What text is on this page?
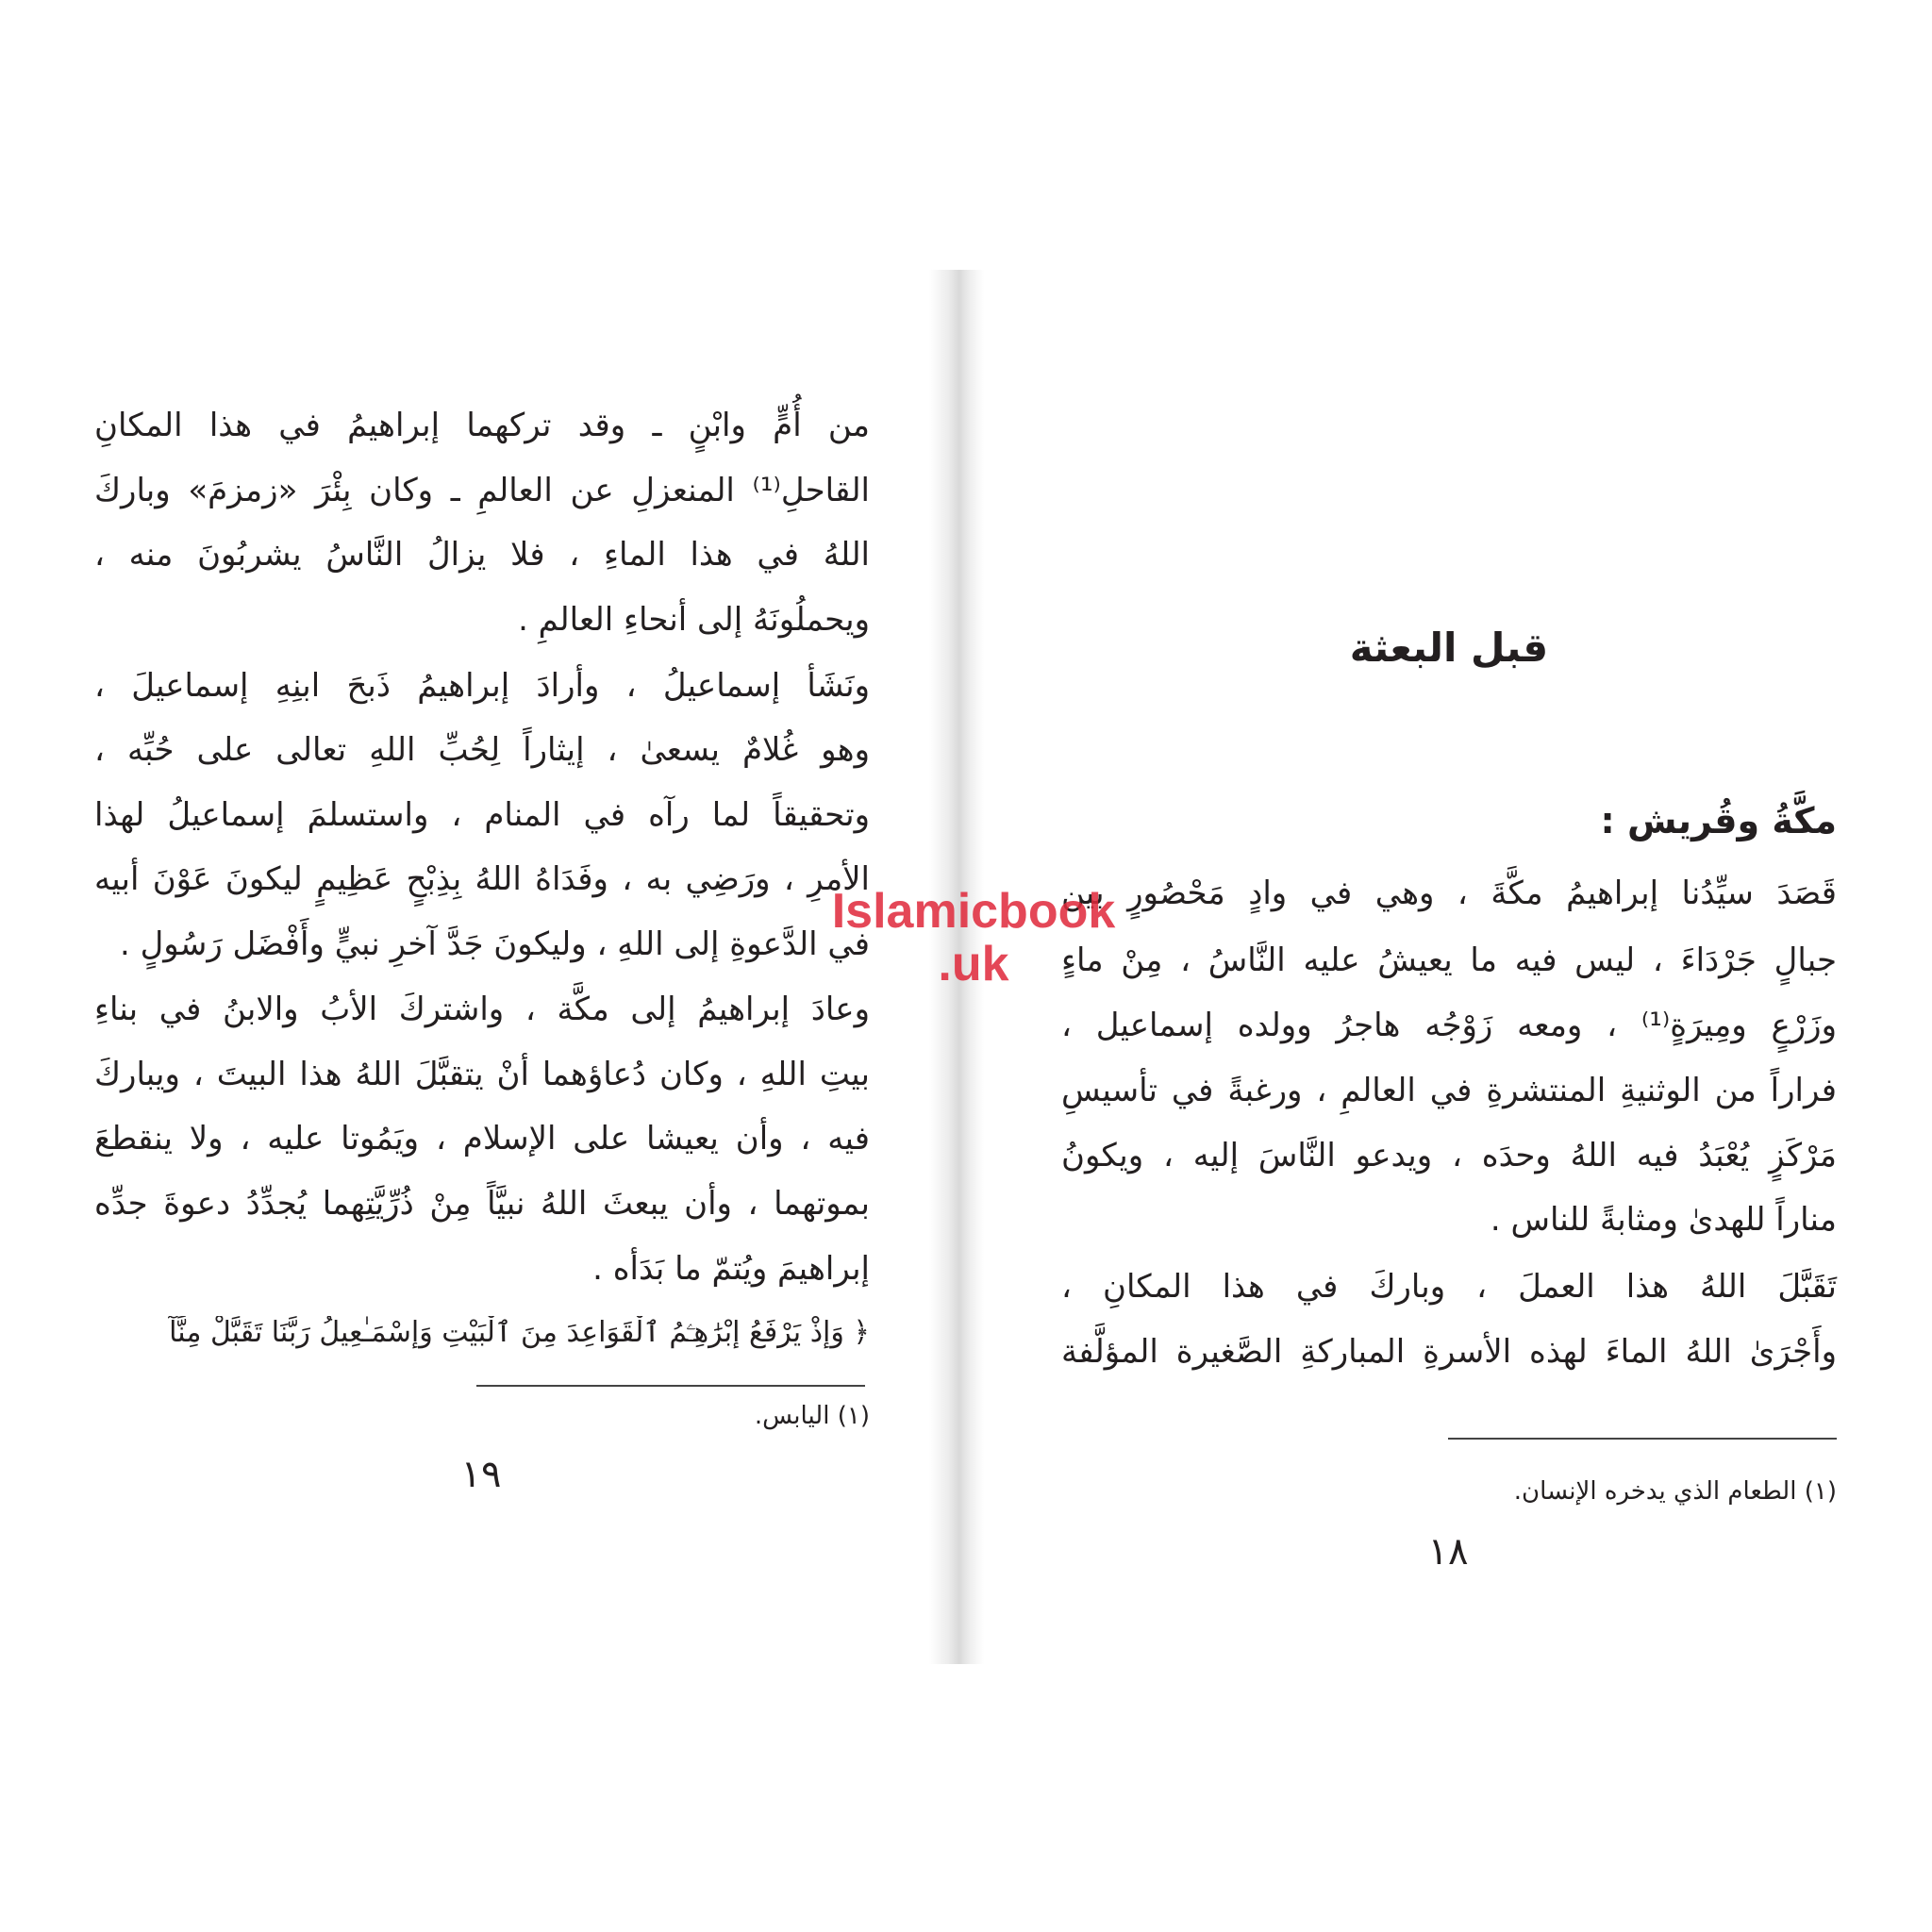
من أُمٍّ وابْنٍ ـ وقد تركهما إبراهيمُ في هذا المكانِ
القاحلِ⁽¹⁾ المنعزلِ عن العالمِ ـ وكان بِئْرَ «زمزمَ» وباركَ
اللهُ في هذا الماءِ ، فلا يزالُ النَّاسُ يشربُونَ منه ،
ويحملُونَهُ إلى أنحاءِ العالمِ .
ونَشَأ إسماعيلُ ، وأرادَ إبراهيمُ ذَبحَ ابنِهِ إسماعيلَ ،
وهو غُلامٌ يسعىٰ ، إيثاراً لِحُبِّ اللهِ تعالى على حُبِّه ،
وتحقيقاً لما رآه في المنام ، واستسلمَ إسماعيلُ لهذا
الأمرِ ، ورَضِي به ، وفَدَاهُ اللهُ بِذِبْحٍ عَظِيمٍ ليكونَ عَوْنَ أبيه
في الدَّعوةِ إلى اللهِ ، وليكونَ جَدَّ آخرِ نبيٍّ وأَفْضَل رَسُولٍ .
وعادَ إبراهيمُ إلى مكَّة ، واشتركَ الأبُ والابنُ في بناءِ
بيتِ اللهِ ، وكان دُعاؤهما أنْ يتقبَّلَ اللهُ هذا البيتَ ، ويباركَ
فيه ، وأن يعيشا على الإسلام ، ويَمُوتا عليه ، ولا ينقطعَ
بموتهما ، وأن يبعثَ اللهُ نبيَّاً مِنْ ذُرِّيَّتِهما يُجدِّدُ دعوةَ جدِّه
إبراهيمَ ويُتمّ ما بَدَأه .
﴿ وَإِذْ يَرْفَعُ إِبْرَٰهِـۧمُ ٱلْقَوَاعِدَ مِنَ ٱلْبَيْتِ وَإِسْمَـٰعِيلُ رَبَّنَا تَقَبَّلْ مِنَّآ
(١) اليابس.
١٩
قبل البعثة
مكَّةُ وقُريش :
قَصَدَ سيِّدُنا إبراهيمُ مكَّةَ ، وهي في وادٍ مَحْصُورٍ بين
جبالٍ جَرْدَاءَ ، ليس فيه ما يعيشُ عليه النَّاسُ ، مِنْ ماءٍ
وزَرْعٍ ومِيرَةٍ⁽¹⁾ ، ومعه زَوْجُه هاجرُ وولده إسماعيل ،
فراراً من الوثنيةِ المنتشرةِ في العالمِ ، ورغبةً في تأسيسِ
مَرْكَزٍ يُعْبَدُ فيه اللهُ وحدَه ، ويدعو النَّاسَ إليه ، ويكونُ
مناراً للهدىٰ ومثابةً للناس .
تَقَبَّلَ اللهُ هذا العملَ ، وباركَ في هذا المكانِ ،
وأَجْرَىٰ اللهُ الماءَ لهذه الأسرةِ المباركةِ الصَّغيرة المؤلَّفة
(١) الطعام الذي يدخره الإنسان.
١٨
Islamicbook
.uk
